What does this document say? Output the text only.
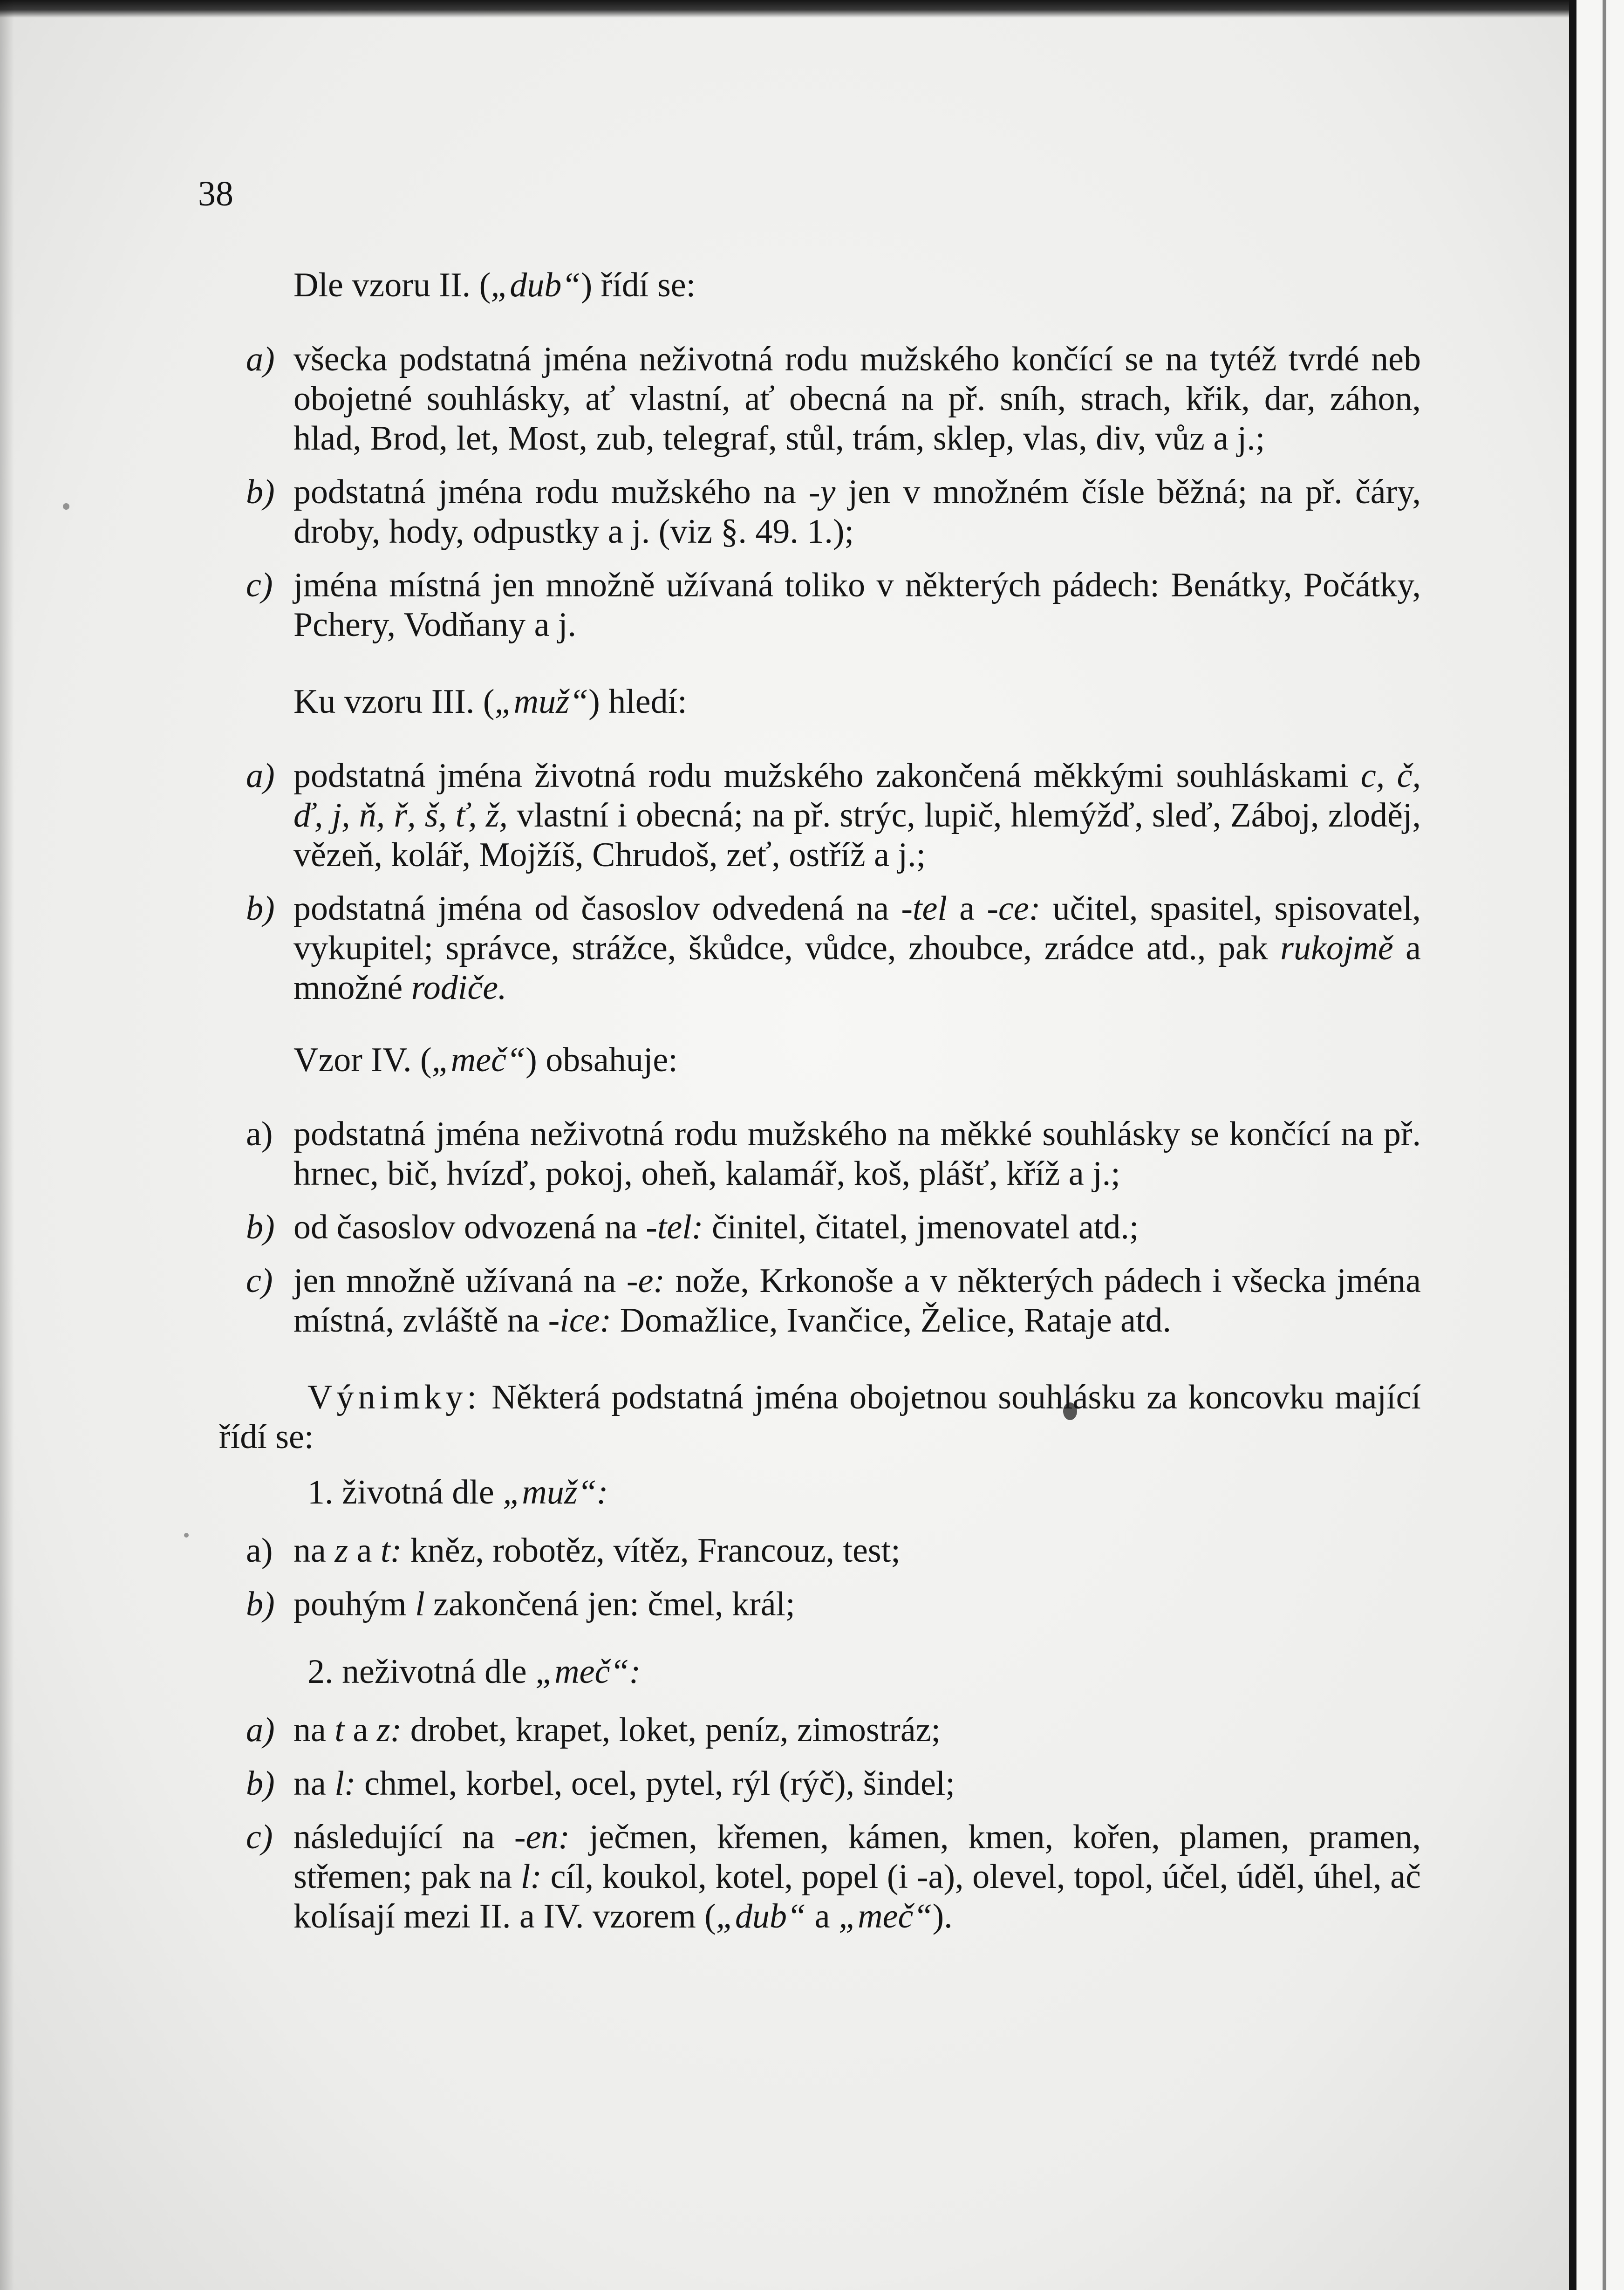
38
Dle vzoru II. („dub“) řídí se:
a) všecka podstatná jména neživotná rodu mužského končící se na tytéž tvrdé neb obojetné souhlásky, ať vlastní, ať obecná na př. sníh, strach, křik, dar, záhon, hlad, Brod, let, Most, zub, telegraf, stůl, trám, sklep, vlas, div, vůz a j.;
b) podstatná jména rodu mužského na -y jen v množném čísle běžná; na př. čáry, droby, hody, odpustky a j. (viz §. 49. 1.);
c) jména místná jen množně užívaná toliko v některých pádech: Benátky, Počátky, Pchery, Vodňany a j.
Ku vzoru III. („muž“) hledí:
a) podstatná jména životná rodu mužského zakončená měkkými souhláskami c, č, ď, j, ň, ř, š, ť, ž, vlastní i obecná; na př. strýc, lupič, hlemýžď, sleď, Záboj, zloděj, vězeň, kolář, Mojžíš, Chrudoš, zeť, ostříž a j.;
b) podstatná jména od časoslov odvedená na -tel a -ce: učitel, spasitel, spisovatel, vykupitel; správce, strážce, škůdce, vůdce, zhoubce, zrádce atd., pak rukojmě a množné rodiče.
Vzor IV. („meč“) obsahuje:
a) podstatná jména neživotná rodu mužského na měkké souhlásky se končící na př. hrnec, bič, hvízď, pokoj, oheň, kalamář, koš, plášť, kříž a j.;
b) od časoslov odvozená na -tel: činitel, čitatel, jmenovatel atd.;
c) jen množně užívaná na -e: nože, Krkonoše a v některých pádech i všecka jména místná, zvláště na -ice: Domažlice, Ivančice, Želice, Rataje atd.
Výnimky: Některá podstatná jména obojetnou souhlásku za koncovku mající řídí se:
1. životná dle „muž“:
a) na z a t: kněz, robotěz, vítěz, Francouz, test;
b) pouhým l zakončená jen: čmel, král;
2. neživotná dle „meč“:
a) na t a z: drobet, krapet, loket, peníz, zimostráz;
b) na l: chmel, korbel, ocel, pytel, rýl (rýč), šindel;
c) následující na -en: ječmen, křemen, kámen, kmen, kořen, plamen, pramen, střemen; pak na l: cíl, koukol, kotel, popel (i -a), olevel, topol, účel, úděl, úhel, ač kolísají mezi II. a IV. vzorem („dub“ a „meč“).
